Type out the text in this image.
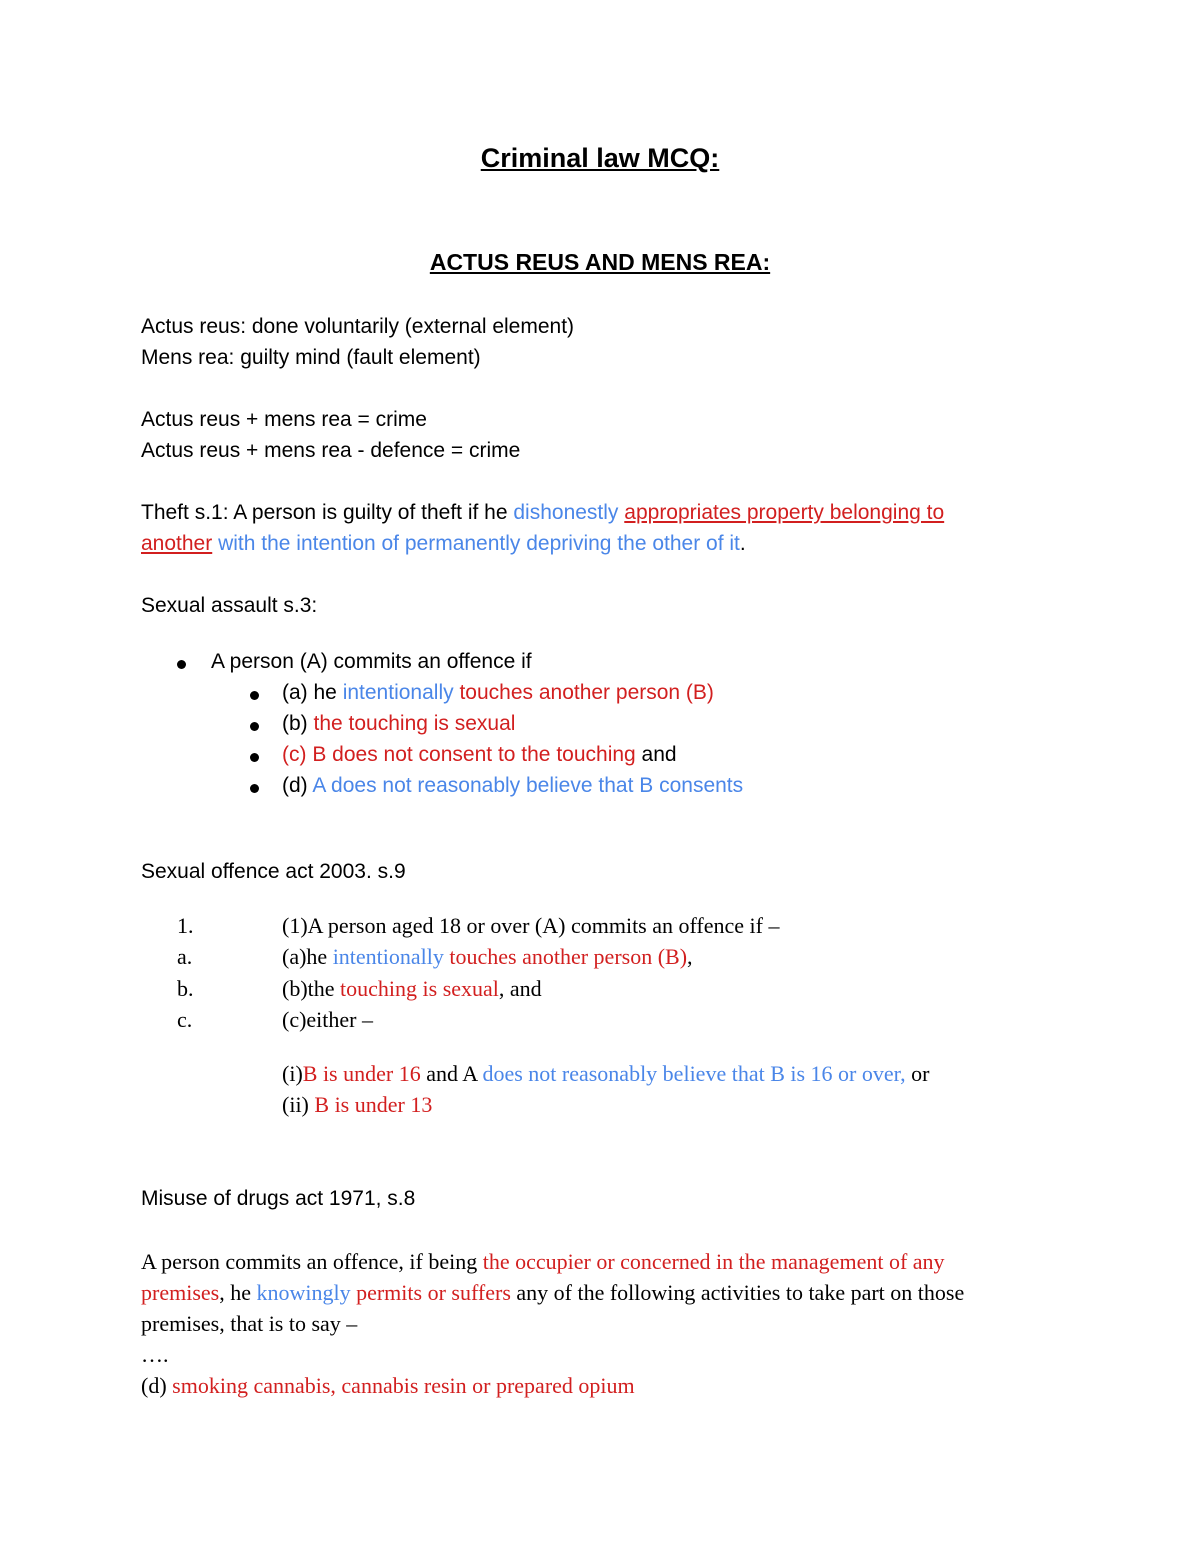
Criminal law MCQ:
ACTUS REUS AND MENS REA:
Actus reus: done voluntarily (external element)
Mens rea: guilty mind (fault element)
Actus reus + mens rea = crime
Actus reus + mens rea - defence = crime
Theft s.1: A person is guilty of theft if he dishonestly appropriates property belonging to
another with the intention of permanently depriving the other of it.
Sexual assault s.3:
A person (A) commits an offence if
(a) he intentionally touches another person (B)
(b) the touching is sexual
(c) B does not consent to the touching and
(d) A does not reasonably believe that B consents
Sexual offence act 2003. s.9
1.	(1)A person aged 18 or over (A) commits an offence if –
a.	(a)he intentionally touches another person (B),
b.	(b)the touching is sexual, and
c.	(c)either –
(i)B is under 16 and A does not reasonably believe that B is 16 or over, or
(ii) B is under 13
Misuse of drugs act 1971, s.8
A person commits an offence, if being the occupier or concerned in the management of any
premises, he knowingly permits or suffers any of the following activities to take part on those
premises, that is to say –
….
(d) smoking cannabis, cannabis resin or prepared opium
